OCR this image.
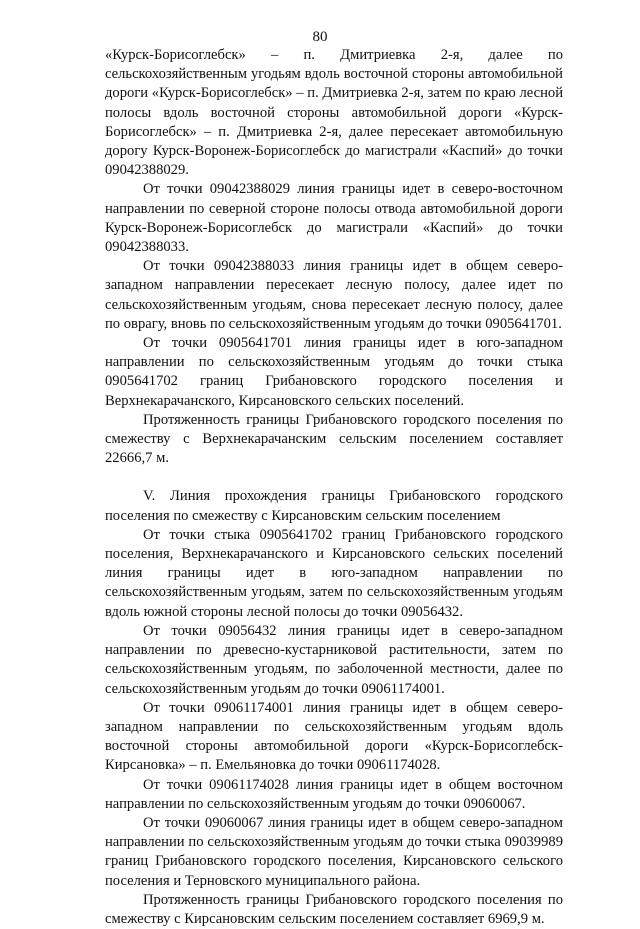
80

«Курск-Борисоглебск» – п. Дмитриевка 2-я, далее по сельскохозяйственным угодьям вдоль восточной стороны автомобильной дороги «Курск-Борисоглебск» – п. Дмитриевка 2-я, затем по краю лесной полосы вдоль восточной стороны автомобильной дороги «Курск-Борисоглебск» – п. Дмитриевка 2-я, далее пересекает автомобильную дорогу Курск-Воронеж-Борисоглебск до магистрали «Каспий» до точки 09042388029.

От точки 09042388029 линия границы идет в северо-восточном направлении по северной стороне полосы отвода автомобильной дороги Курск-Воронеж-Борисоглебск до магистрали «Каспий» до точки 09042388033.

От точки 09042388033 линия границы идет в общем северо-западном направлении пересекает лесную полосу, далее идет по сельскохозяйственным угодьям, снова пересекает лесную полосу, далее по оврагу, вновь по сельскохозяйственным угодьям до точки 0905641701.

От точки 0905641701 линия границы идет в юго-западном направлении по сельскохозяйственным угодьям до точки стыка 0905641702 границ Грибановского городского поселения и Верхнекарачанского, Кирсановского сельских поселений.

Протяженность границы Грибановского городского поселения по смежеству с Верхнекарачанским сельским поселением составляет 22666,7 м.

V. Линия прохождения границы Грибановского городского поселения по смежеству с Кирсановским сельским поселением

От точки стыка 0905641702 границ Грибановского городского поселения, Верхнекарачанского и Кирсановского сельских поселений линия границы идет в юго-западном направлении по сельскохозяйственным угодьям, затем по сельскохозяйственным угодьям вдоль южной стороны лесной полосы до точки 09056432.

От точки 09056432 линия границы идет в северо-западном направлении по древесно-кустарниковой растительности, затем по сельскохозяйственным угодьям, по заболоченной местности, далее по сельскохозяйственным угодьям до точки 09061174001.

От точки 09061174001 линия границы идет в общем северо-западном направлении по сельскохозяйственным угодьям вдоль восточной стороны автомобильной дороги «Курск-Борисоглебск-Кирсановка» – п. Емельяновка до точки 09061174028.

От точки 09061174028 линия границы идет в общем восточном направлении по сельскохозяйственным угодьям до точки 09060067.

От точки 09060067 линия границы идет в общем северо-западном направлении по сельскохозяйственным угодьям до точки стыка 09039989 границ Грибановского городского поселения, Кирсановского сельского поселения и Терновского муниципального района.

Протяженность границы Грибановского городского поселения по смежеству с Кирсановским сельским поселением составляет 6969,9 м.
